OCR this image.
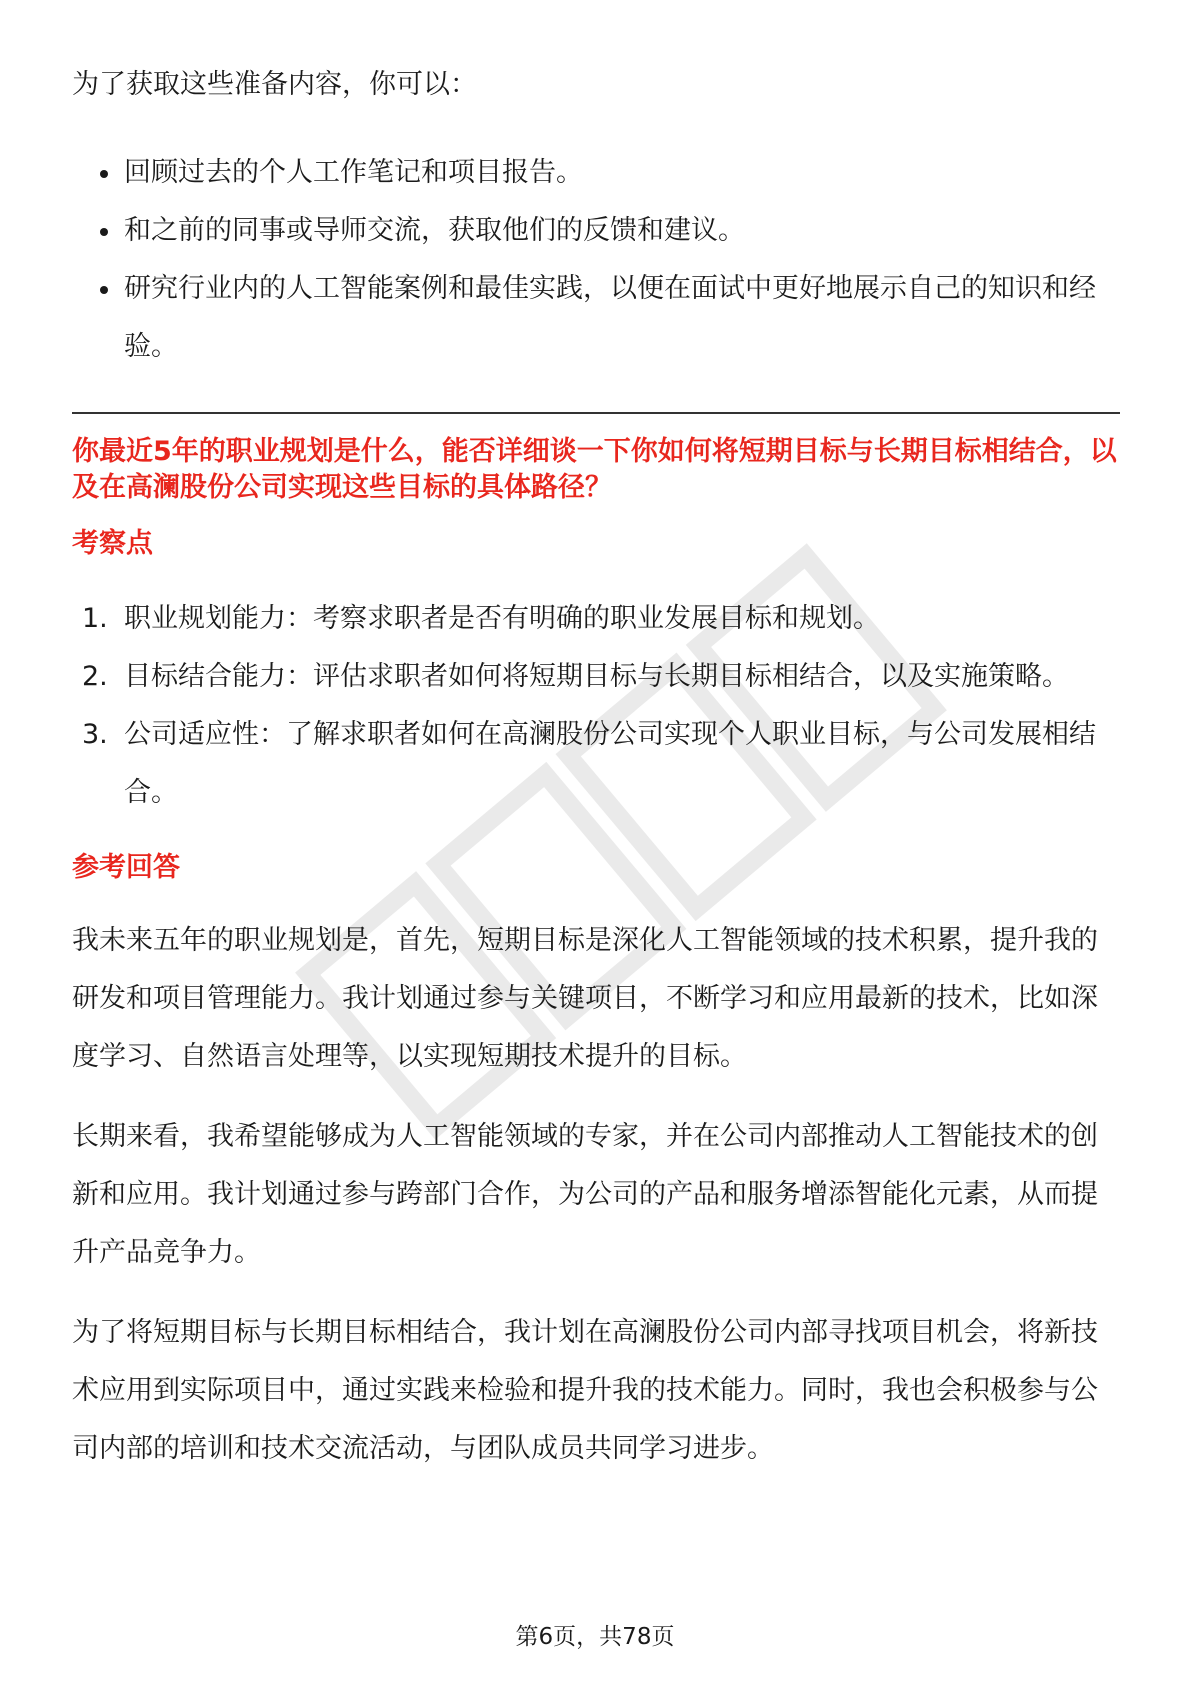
为了获取这些准备内容，你可以：

回顾过去的个人工作笔记和项目报告。
和之前的同事或导师交流，获取他们的反馈和建议。
研究行业内的人工智能案例和最佳实践，以便在面试中更好地展示自己的知识和经验。
你最近5年的职业规划是什么，能否详细谈一下你如何将短期目标与长期目标相结合，以及在高澜股份公司实现这些目标的具体路径？
考察点
1. 职业规划能力：考察求职者是否有明确的职业发展目标和规划。
2. 目标结合能力：评估求职者如何将短期目标与长期目标相结合，以及实施策略。
3. 公司适应性：了解求职者如何在高澜股份公司实现个人职业目标，与公司发展相结合。
参考回答

我未来五年的职业规划是，首先，短期目标是深化人工智能领域的技术积累，提升我的研发和项目管理能力。我计划通过参与关键项目，不断学习和应用最新的技术，比如深度学习、自然语言处理等，以实现短期技术提升的目标。

长期来看，我希望能够成为人工智能领域的专家，并在公司内部推动人工智能技术的创新和应用。我计划通过参与跨部门合作，为公司的产品和服务增添智能化元素，从而提升产品竞争力。

为了将短期目标与长期目标相结合，我计划在高澜股份公司内部寻找项目机会，将新技术应用到实际项目中，通过实践来检验和提升我的技术能力。同时，我也会积极参与公司内部的培训和技术交流活动，与团队成员共同学习进步。

第6页，共78页
